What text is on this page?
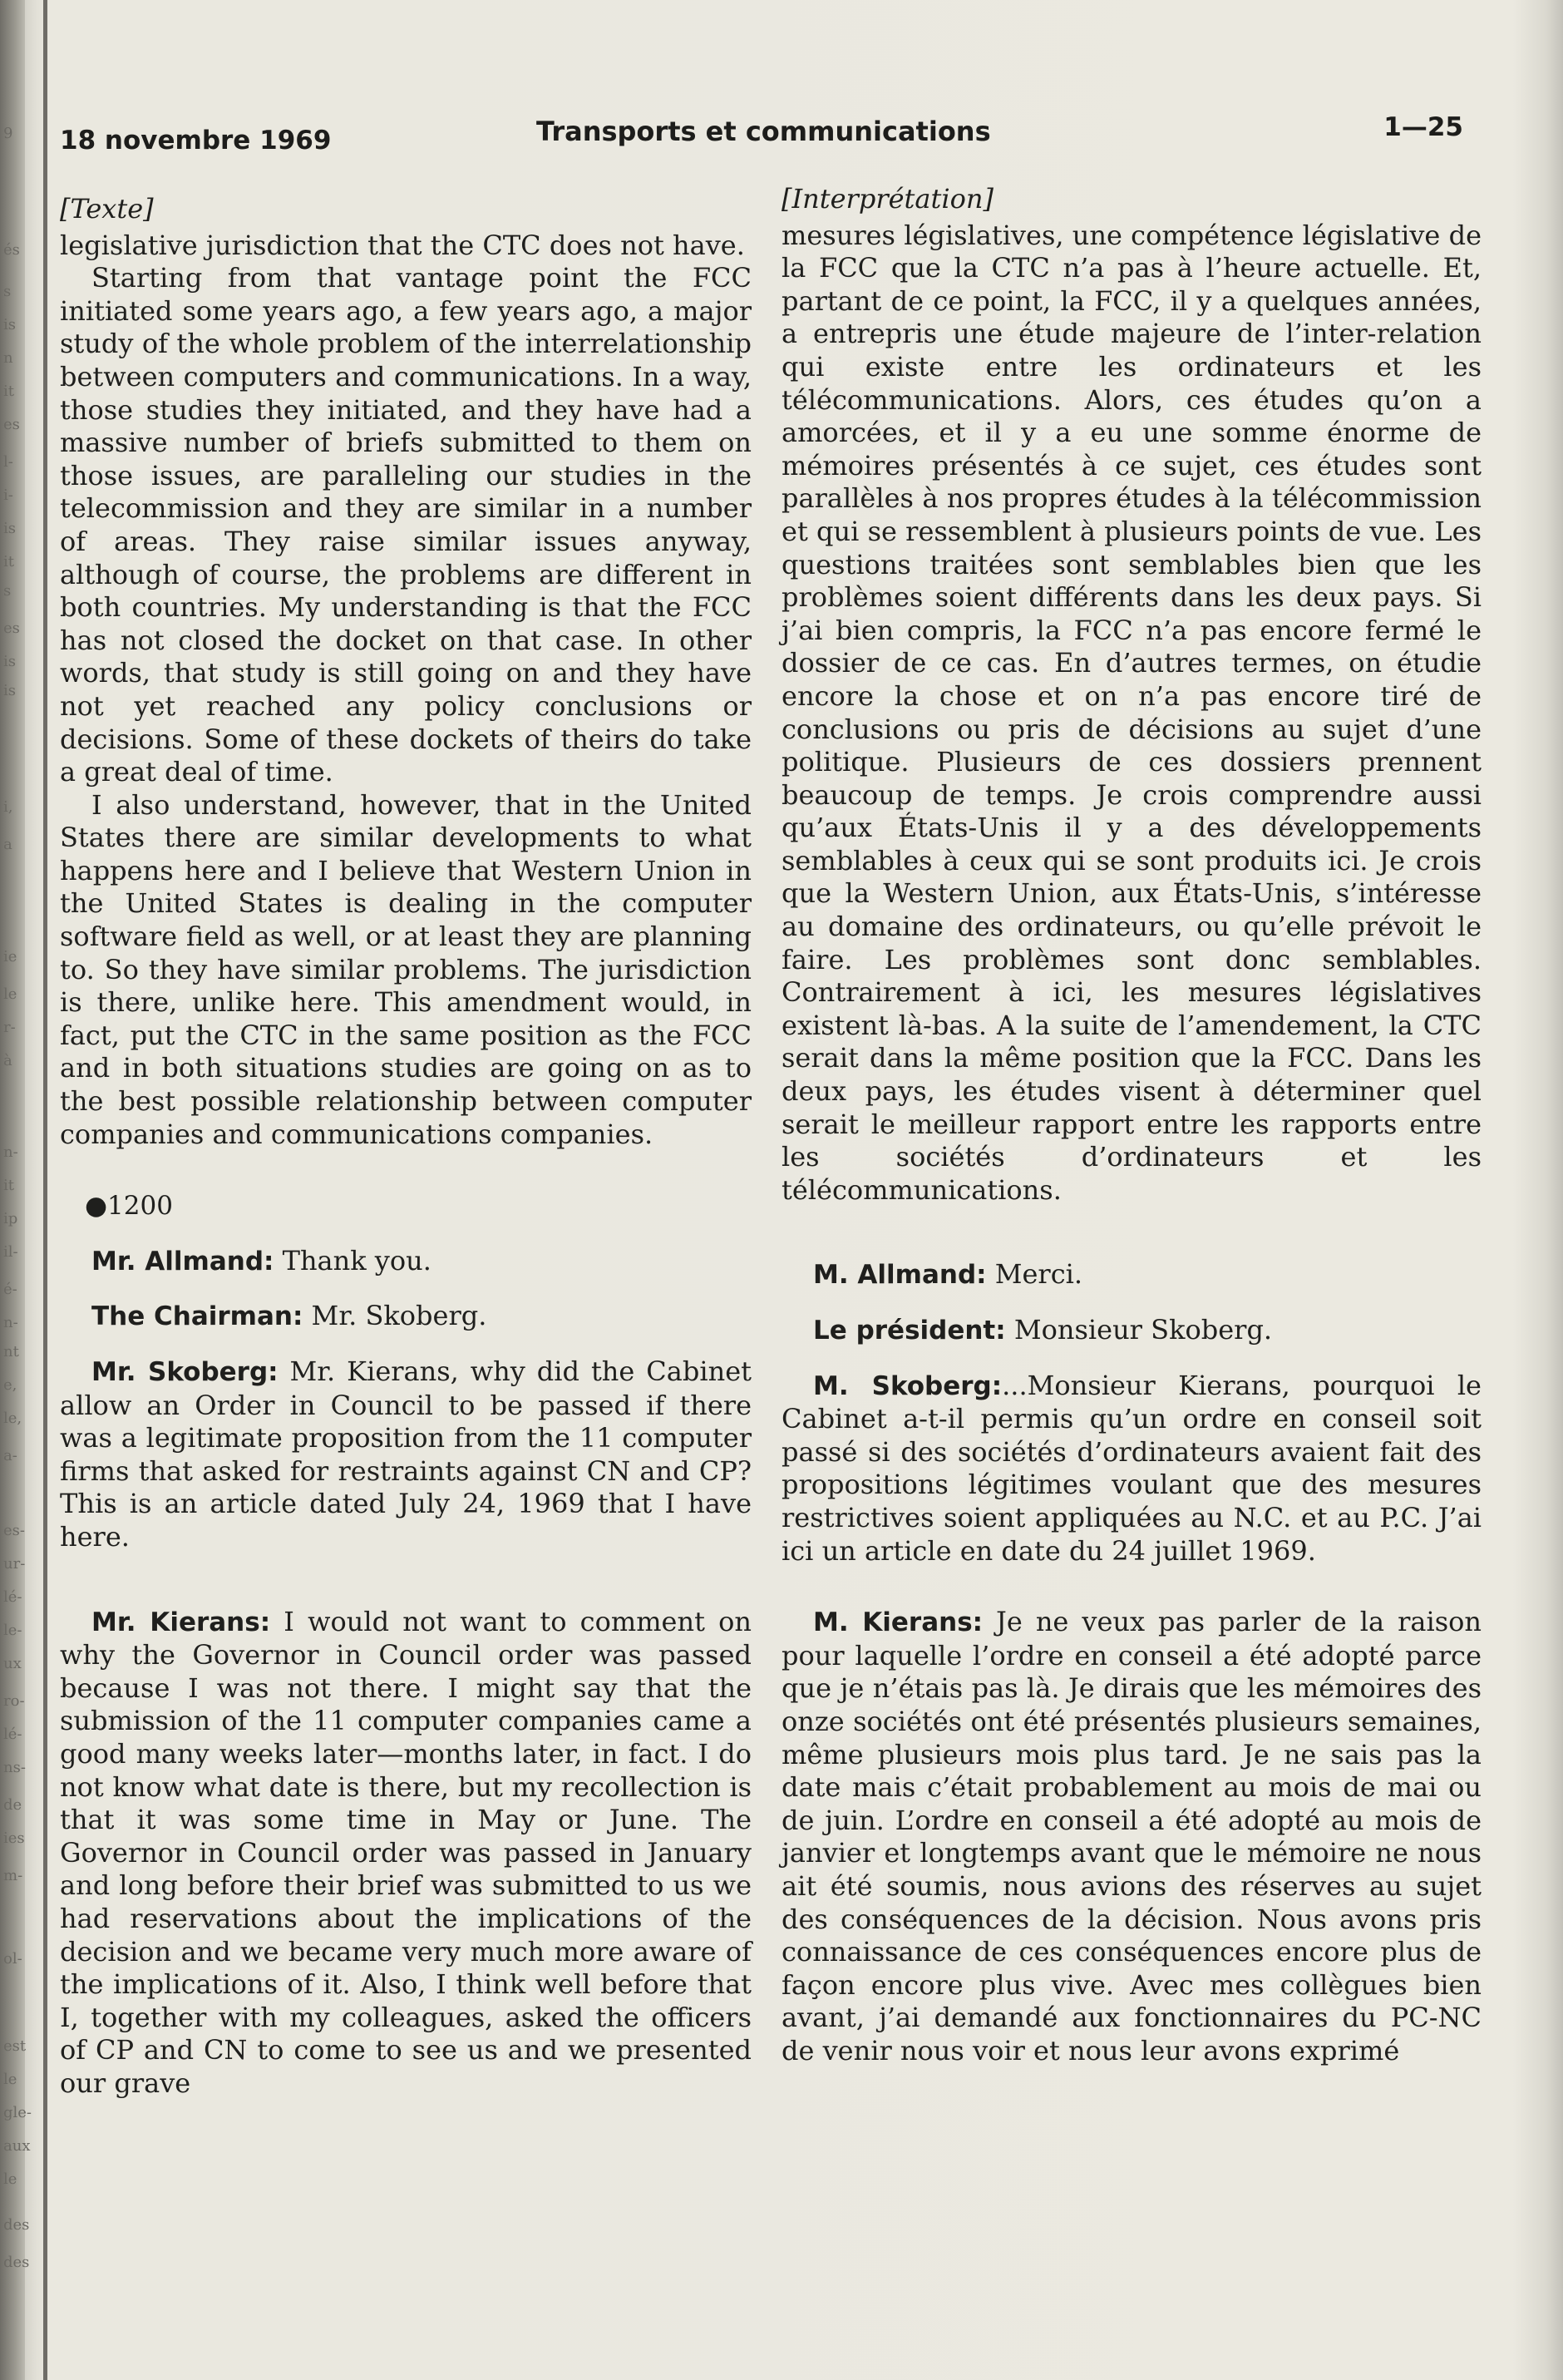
9
és
s
is
n
it
es
l-
i-
is
it
s
es
is
is
i,
a
ie
le
r-
à
n-
it
ip
il-
é-
n-
nt
e,
le,
a-
es-
ur-
lé-
le-
ux
ro-
lé-
ns-
de
ies
m-
ol-
est
le
gle-
aux
le
des
des
18 novembre 1969	Transports et communications	1—25
[Texte]

legislative jurisdiction that the CTC does not have.

Starting from that vantage point the FCC initiated some years ago, a few years ago, a major study of the whole problem of the interrelationship between computers and communications. In a way, those studies they initiated, and they have had a massive number of briefs submitted to them on those issues, are paralleling our studies in the telecommission and they are similar in a number of areas. They raise similar issues anyway, although of course, the problems are different in both countries. My understanding is that the FCC has not closed the docket on that case. In other words, that study is still going on and they have not yet reached any policy conclusions or decisions. Some of these dockets of theirs do take a great deal of time.

I also understand, however, that in the United States there are similar developments to what happens here and I believe that Western Union in the United States is dealing in the computer software field as well, or at least they are planning to. So they have similar problems. The jurisdiction is there, unlike here. This amendment would, in fact, put the CTC in the same position as the FCC and in both situations studies are going on as to the best possible relationship between computer companies and communications companies.

●1200

Mr. Allmand: Thank you.

The Chairman: Mr. Skoberg.

Mr. Skoberg: Mr. Kierans, why did the Cabinet allow an Order in Council to be passed if there was a legitimate proposition from the 11 computer firms that asked for restraints against CN and CP? This is an article dated July 24, 1969 that I have here.

Mr. Kierans: I would not want to comment on why the Governor in Council order was passed because I was not there. I might say that the submission of the 11 computer companies came a good many weeks later—months later, in fact. I do not know what date is there, but my recollection is that it was some time in May or June. The Governor in Council order was passed in January and long before their brief was submitted to us we had reservations about the implications of the decision and we became very much more aware of the implications of it. Also, I think well before that I, together with my colleagues, asked the officers of CP and CN to come to see us and we presented our grave

[Interprétation]

mesures législatives, une compétence législative de la FCC que la CTC n’a pas à l’heure actuelle. Et, partant de ce point, la FCC, il y a quelques années, a entrepris une étude majeure de l’inter-relation qui existe entre les ordinateurs et les télécommunications. Alors, ces études qu’on a amorcées, et il y a eu une somme énorme de mémoires présentés à ce sujet, ces études sont parallèles à nos propres études à la télécommission et qui se ressemblent à plusieurs points de vue. Les questions traitées sont semblables bien que les problèmes soient différents dans les deux pays. Si j’ai bien compris, la FCC n’a pas encore fermé le dossier de ce cas. En d’autres termes, on étudie encore la chose et on n’a pas encore tiré de conclusions ou pris de décisions au sujet d’une politique. Plusieurs de ces dossiers prennent beaucoup de temps. Je crois comprendre aussi qu’aux États-Unis il y a des développements semblables à ceux qui se sont produits ici. Je crois que la Western Union, aux États-Unis, s’intéresse au domaine des ordinateurs, ou qu’elle prévoit le faire. Les problèmes sont donc semblables. Contrairement à ici, les mesures législatives existent là-bas. A la suite de l’amendement, la CTC serait dans la même position que la FCC. Dans les deux pays, les études visent à déterminer quel serait le meilleur rapport entre les rapports entre les sociétés d’ordinateurs et les télécommunications.

M. Allmand: Merci.

Le président: Monsieur Skoberg.

M. Skoberg:...Monsieur Kierans, pourquoi le Cabinet a-t-il permis qu’un ordre en conseil soit passé si des sociétés d’ordinateurs avaient fait des propositions légitimes voulant que des mesures restrictives soient appliquées au N.C. et au P.C. J’ai ici un article en date du 24 juillet 1969.

M. Kierans: Je ne veux pas parler de la raison pour laquelle l’ordre en conseil a été adopté parce que je n’étais pas là. Je dirais que les mémoires des onze sociétés ont été présentés plusieurs semaines, même plusieurs mois plus tard. Je ne sais pas la date mais c’était probablement au mois de mai ou de juin. L’ordre en conseil a été adopté au mois de janvier et longtemps avant que le mémoire ne nous ait été soumis, nous avions des réserves au sujet des conséquences de la décision. Nous avons pris connaissance de ces conséquences encore plus de façon encore plus vive. Avec mes collègues bien avant, j’ai demandé aux fonctionnaires du PC-NC de venir nous voir et nous leur avons exprimé
